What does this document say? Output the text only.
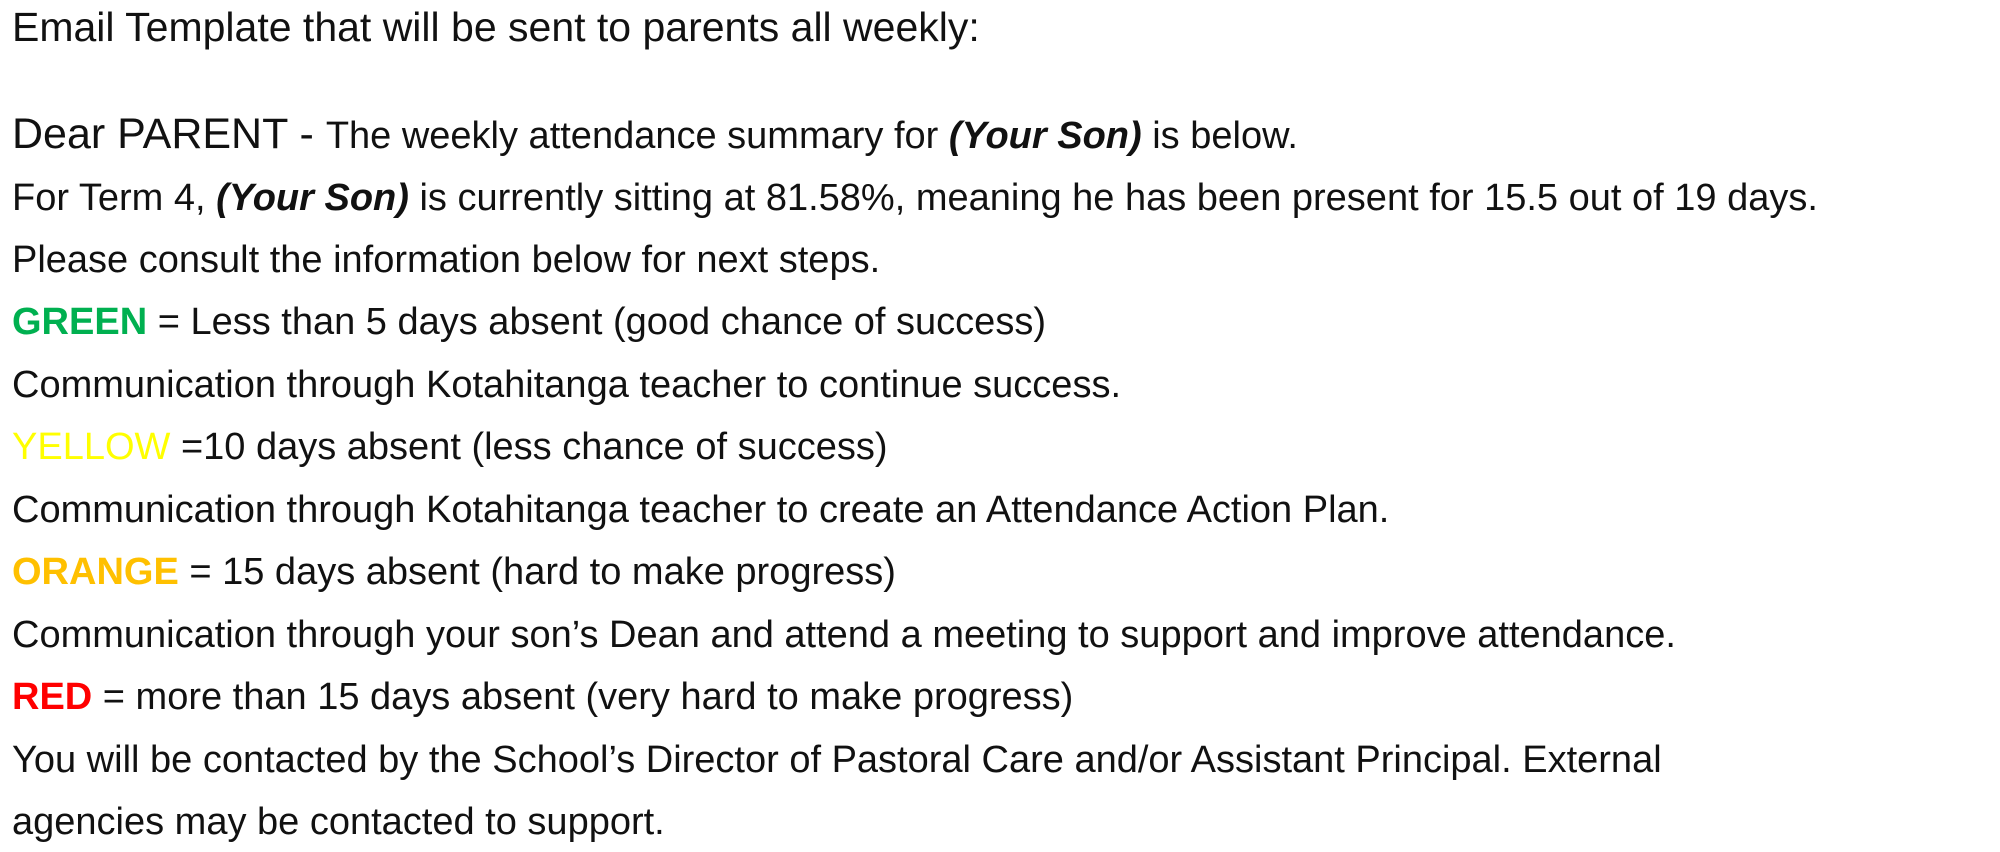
Email Template that will be sent to parents all weekly:
Dear PARENT - The weekly attendance summary for (Your Son) is below.
For Term 4, (Your Son) is currently sitting at 81.58%, meaning he has been present for 15.5 out of 19 days.
Please consult the information below for next steps.
GREEN = Less than 5 days absent (good chance of success)
Communication through Kotahitanga teacher to continue success.
YELLOW =10 days absent (less chance of success)
Communication through Kotahitanga teacher to create an Attendance Action Plan.
ORANGE = 15 days absent (hard to make progress)
Communication through your son’s Dean and attend a meeting to support and improve attendance.
RED = more than 15 days absent (very hard to make progress)
You will be contacted by the School’s Director of Pastoral Care and/or Assistant Principal. External
agencies may be contacted to support.
